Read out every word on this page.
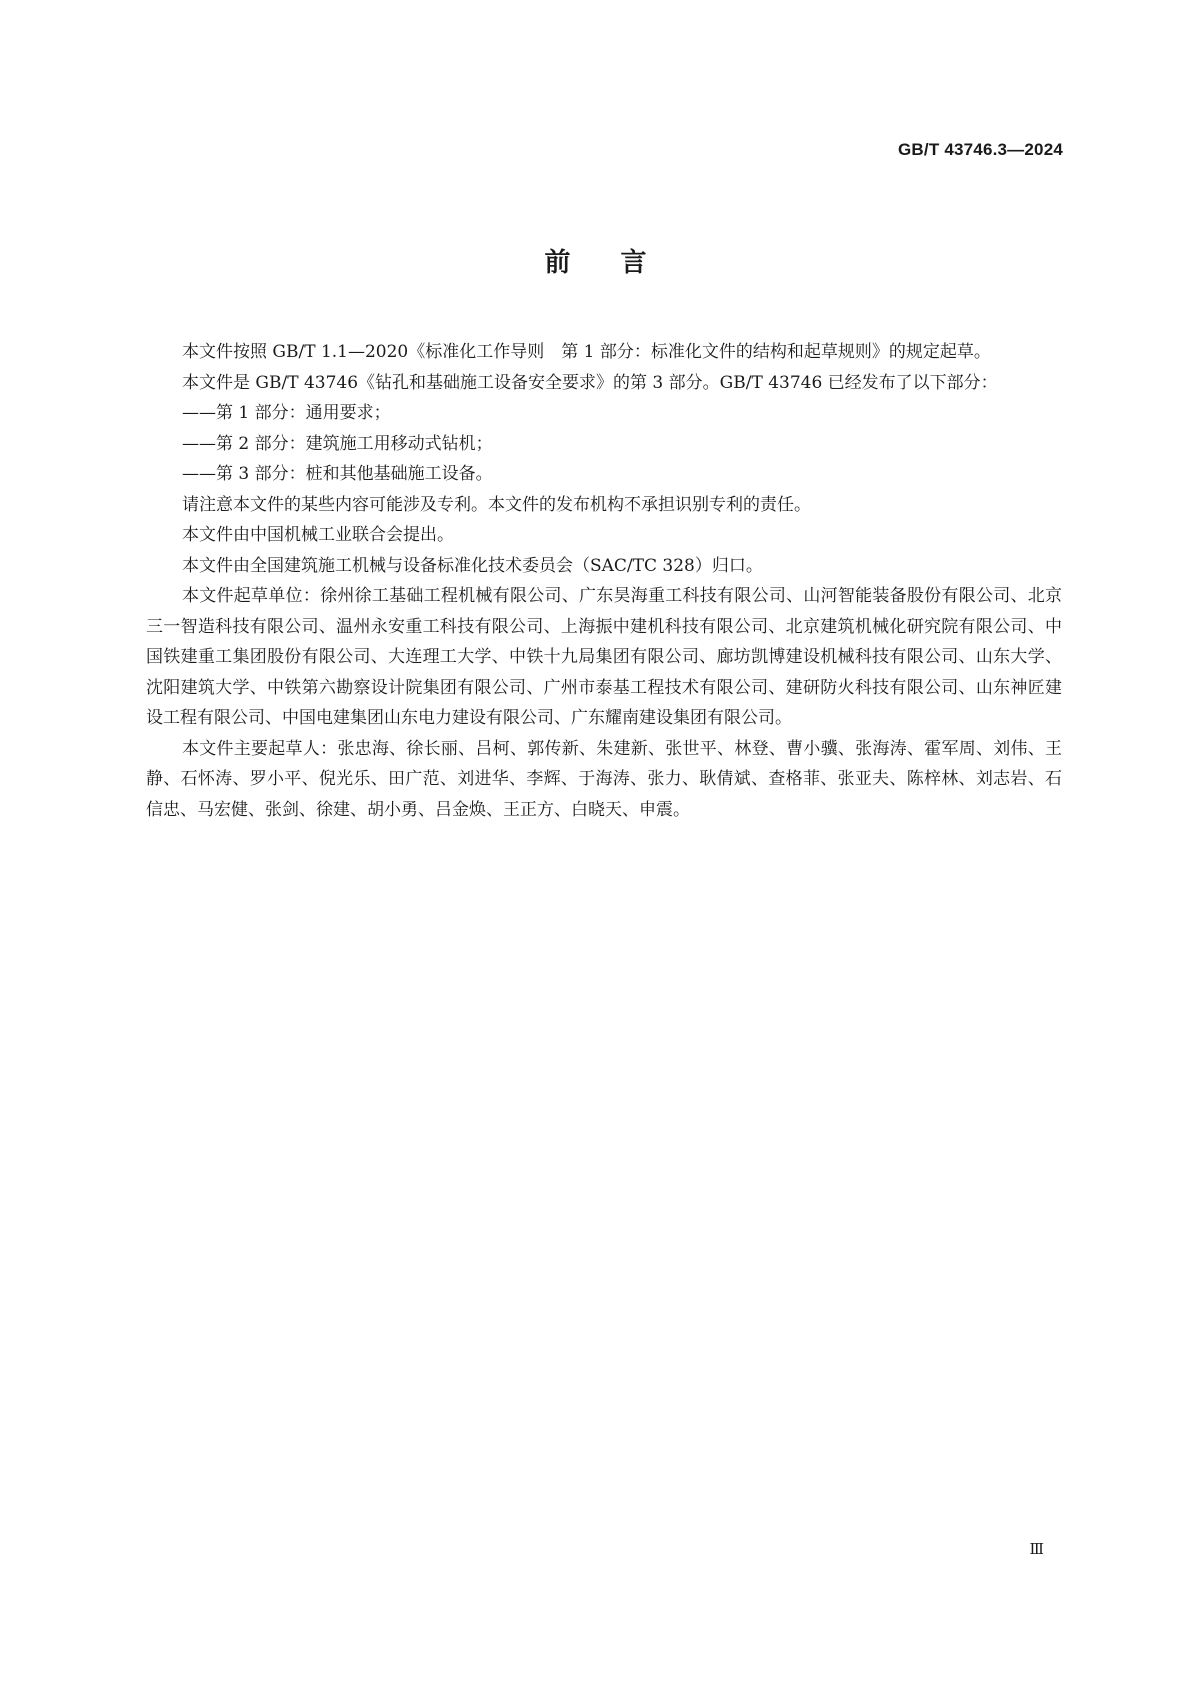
GB/T 43746.3—2024
前言

本文件按照 GB/T 1.1—2020《标准化工作导则　第 1 部分：标准化文件的结构和起草规则》的规定起草。

本文件是 GB/T 43746《钻孔和基础施工设备安全要求》的第 3 部分。GB/T 43746 已经发布了以下部分：

——第 1 部分：通用要求；

——第 2 部分：建筑施工用移动式钻机；

——第 3 部分：桩和其他基础施工设备。

请注意本文件的某些内容可能涉及专利。本文件的发布机构不承担识别专利的责任。

本文件由中国机械工业联合会提出。

本文件由全国建筑施工机械与设备标准化技术委员会（SAC/TC 328）归口。

本文件起草单位：徐州徐工基础工程机械有限公司、广东昊海重工科技有限公司、山河智能装备股份有限公司、北京三一智造科技有限公司、温州永安重工科技有限公司、上海振中建机科技有限公司、北京建筑机械化研究院有限公司、中国铁建重工集团股份有限公司、大连理工大学、中铁十九局集团有限公司、廊坊凯博建设机械科技有限公司、山东大学、沈阳建筑大学、中铁第六勘察设计院集团有限公司、广州市泰基工程技术有限公司、建研防火科技有限公司、山东神匠建设工程有限公司、中国电建集团山东电力建设有限公司、广东耀南建设集团有限公司。

本文件主要起草人：张忠海、徐长丽、吕柯、郭传新、朱建新、张世平、林登、曹小骥、张海涛、霍军周、刘伟、王静、石怀涛、罗小平、倪光乐、田广范、刘进华、李辉、于海涛、张力、耿倩斌、查格菲、张亚夫、陈梓林、刘志岩、石信忠、马宏健、张剑、徐建、胡小勇、吕金焕、王正方、白晓天、申震。

Ⅲ
